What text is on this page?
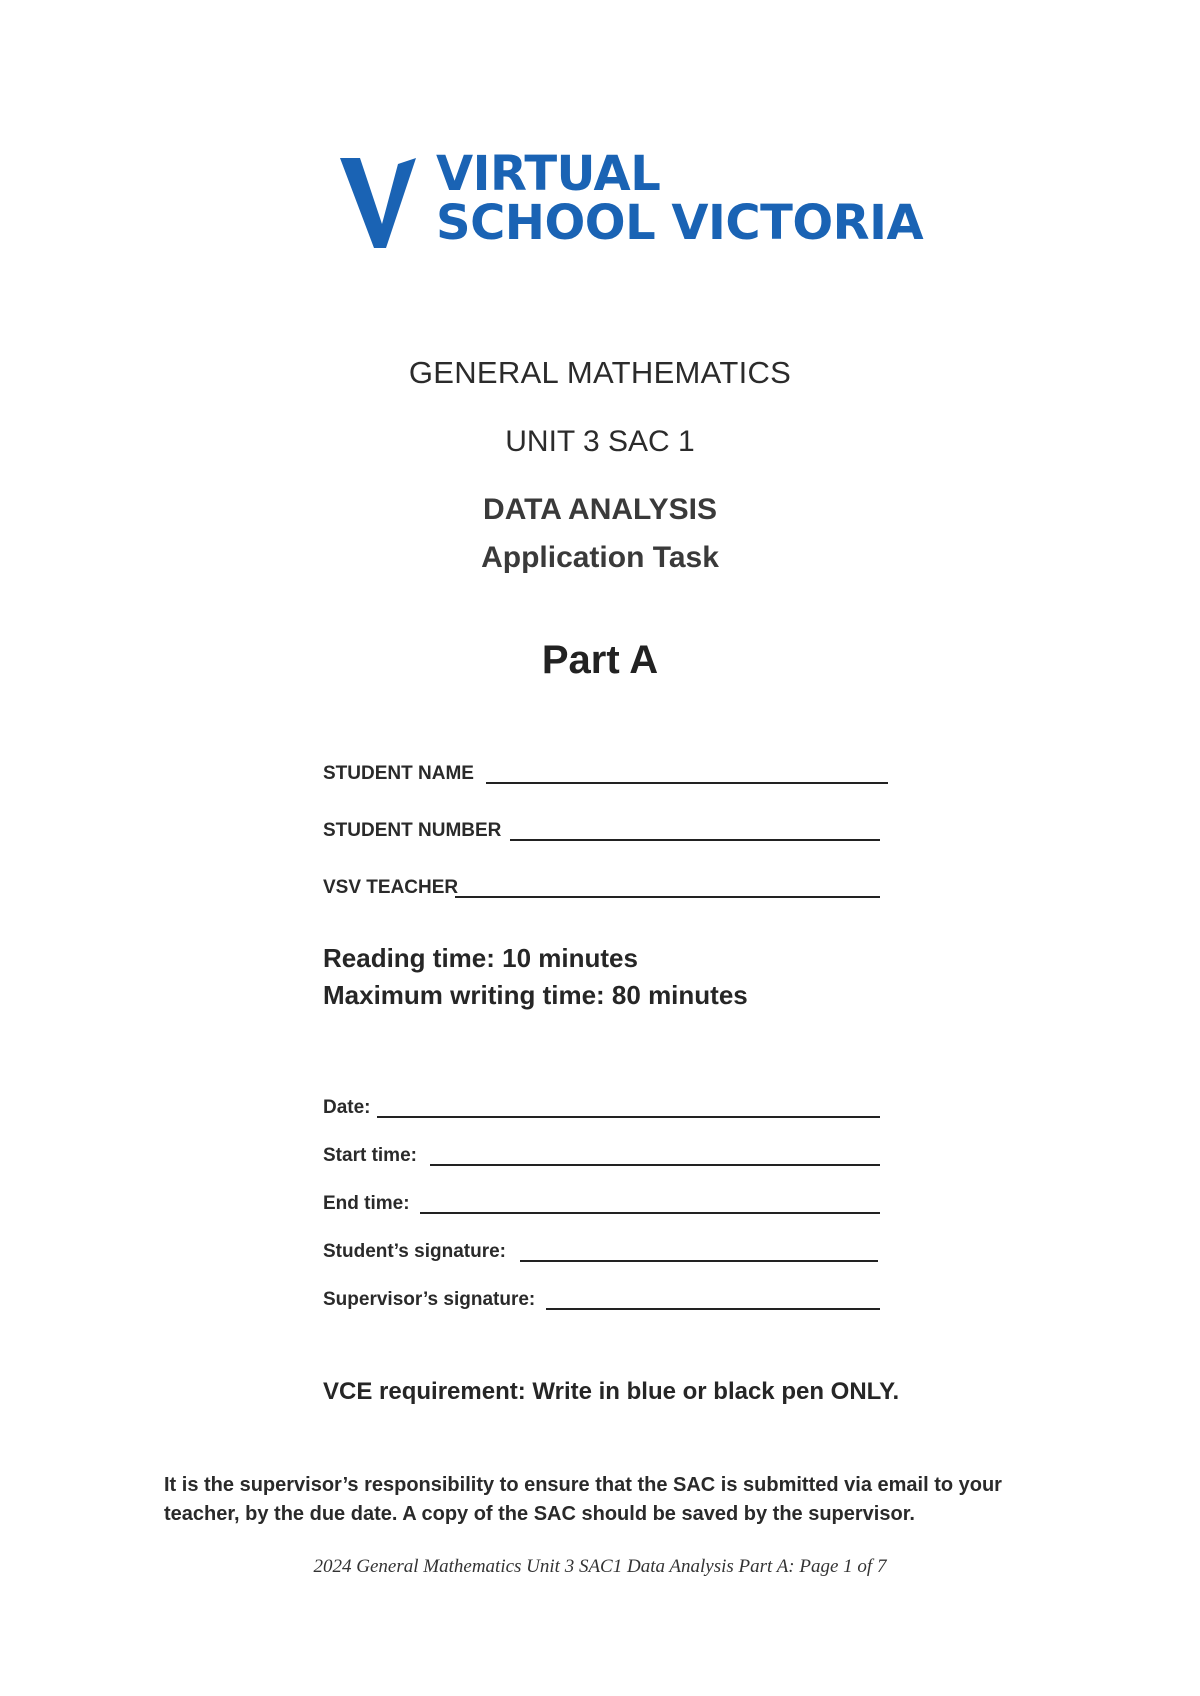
VIRTUAL
SCHOOL VICTORIA
GENERAL MATHEMATICS
UNIT 3 SAC 1
DATA ANALYSIS
Application Task
Part A
STUDENT NAME
STUDENT NUMBER
VSV TEACHER
Reading time: 10 minutes
Maximum writing time: 80 minutes
Date:
Start time:
End time:
Student’s signature:
Supervisor’s signature:
VCE requirement: Write in blue or black pen ONLY.
It is the supervisor’s responsibility to ensure that the SAC is submitted via email to your
teacher, by the due date. A copy of the SAC should be saved by the supervisor.
2024 General Mathematics Unit 3 SAC1 Data Analysis Part A: Page 1 of 7
